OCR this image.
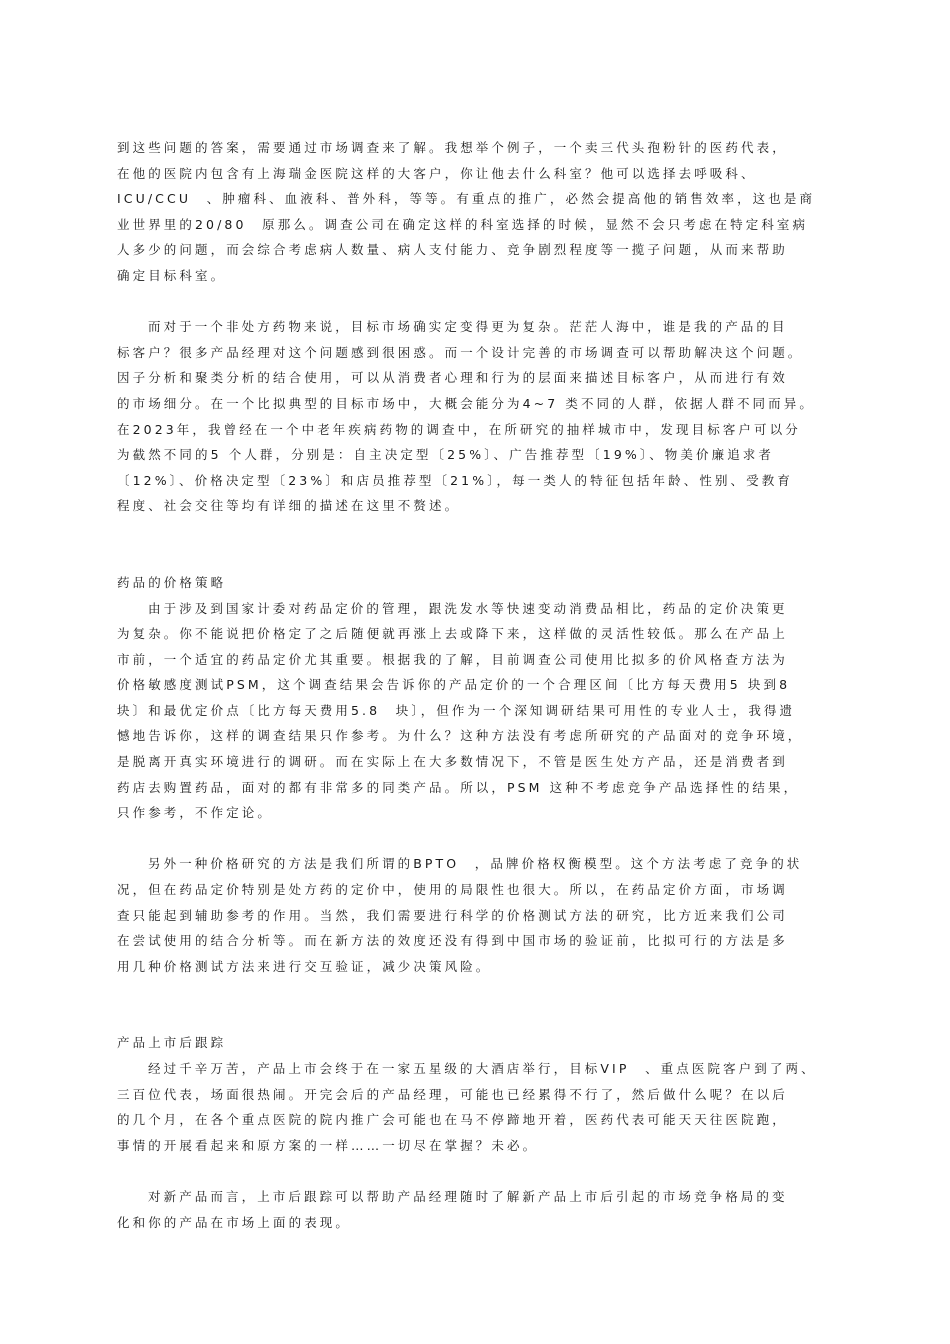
到这些问题的答案，需要通过市场调查来了解。我想举个例子，一个卖三代头孢粉针的医药代表，
在他的医院内包含有上海瑞金医院这样的大客户，你让他去什么科室？他可以选择去呼吸科、
ICU/CCU　、肿瘤科、血液科、普外科，等等。有重点的推广，必然会提高他的销售效率，这也是商
业世界里的20/80　原那么。调查公司在确定这样的科室选择的时候，显然不会只考虑在特定科室病
人多少的问题，而会综合考虑病人数量、病人支付能力、竞争剧烈程度等一揽子问题，从而来帮助
确定目标科室。
而对于一个非处方药物来说，目标市场确实定变得更为复杂。茫茫人海中，谁是我的产品的目
标客户？很多产品经理对这个问题感到很困惑。而一个设计完善的市场调查可以帮助解决这个问题。
因子分析和聚类分析的结合使用，可以从消费者心理和行为的层面来描述目标客户，从而进行有效
的市场细分。在一个比拟典型的目标市场中，大概会能分为4~7 类不同的人群，依据人群不同而异。
在2023年，我曾经在一个中老年疾病药物的调查中，在所研究的抽样城市中，发现目标客户可以分
为截然不同的5 个人群，分别是：自主决定型〔25%〕、广告推荐型〔19%〕、物美价廉追求者
〔12%〕、价格决定型〔23%〕和店员推荐型〔21%〕，每一类人的特征包括年龄、性别、受教育
程度、社会交往等均有详细的描述在这里不赘述。
药品的价格策略
由于涉及到国家计委对药品定价的管理，跟洗发水等快速变动消费品相比，药品的定价决策更
为复杂。你不能说把价格定了之后随便就再涨上去或降下来，这样做的灵活性较低。那么在产品上
市前，一个适宜的药品定价尤其重要。根据我的了解，目前调查公司使用比拟多的价风格查方法为
价格敏感度测试PSM，这个调查结果会告诉你的产品定价的一个合理区间〔比方每天费用5 块到8
块〕和最优定价点〔比方每天费用5.8　块〕，但作为一个深知调研结果可用性的专业人士，我得遗
憾地告诉你，这样的调查结果只作参考。为什么？这种方法没有考虑所研究的产品面对的竞争环境，
是脱离开真实环境进行的调研。而在实际上在大多数情况下，不管是医生处方产品，还是消费者到
药店去购置药品，面对的都有非常多的同类产品。所以，PSM 这种不考虑竞争产品选择性的结果，
只作参考，不作定论。
另外一种价格研究的方法是我们所谓的BPTO　，品牌价格权衡模型。这个方法考虑了竞争的状
况，但在药品定价特别是处方药的定价中，使用的局限性也很大。所以，在药品定价方面，市场调
查只能起到辅助参考的作用。当然，我们需要进行科学的价格测试方法的研究，比方近来我们公司
在尝试使用的结合分析等。而在新方法的效度还没有得到中国市场的验证前，比拟可行的方法是多
用几种价格测试方法来进行交互验证，减少决策风险。
产品上市后跟踪
经过千辛万苦，产品上市会终于在一家五星级的大酒店举行，目标VIP　、重点医院客户到了两、
三百位代表，场面很热闹。开完会后的产品经理，可能也已经累得不行了，然后做什么呢？在以后
的几个月，在各个重点医院的院内推广会可能也在马不停蹄地开着，医药代表可能天天往医院跑，
事情的开展看起来和原方案的一样……一切尽在掌握？未必。
对新产品而言，上市后跟踪可以帮助产品经理随时了解新产品上市后引起的市场竞争格局的变
化和你的产品在市场上面的表现。
